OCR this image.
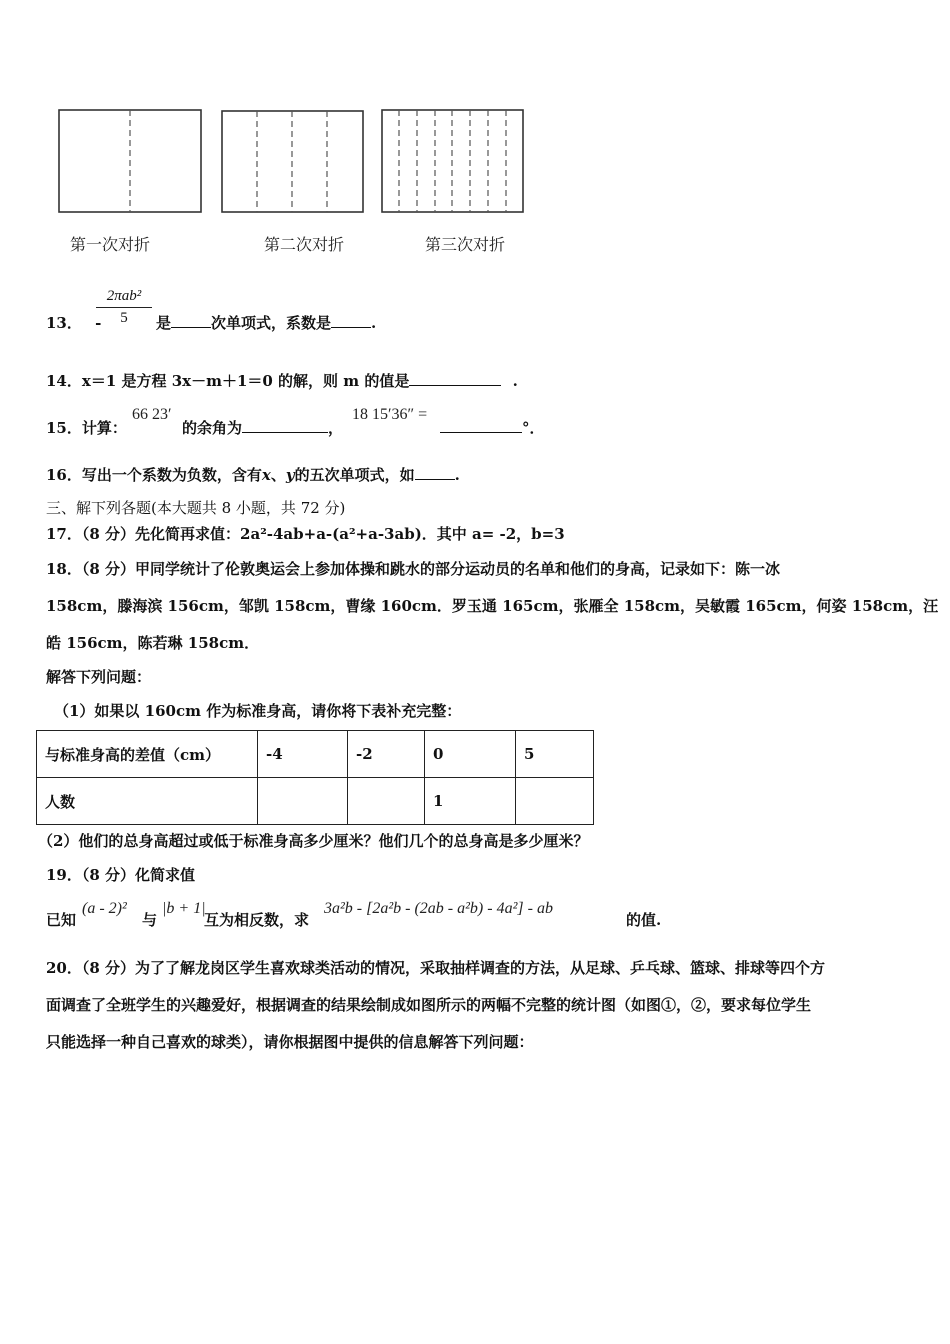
第一次对折	第二次对折	第三次对折
13． -
2πab²
5	是	次单项式，系数是	.
14．x＝1 是方程 3x－m＋1＝0 的解，则 m 的值是	.
15．计算：
66 23′
的余角为	，
18 15′36″ =
°．
16．写出一个系数为负数，含有x、y的五次单项式，如	.
三、解下列各题(本大题共 8 小题，共 72 分)
17．（8 分）先化简再求值：2a²-4ab+a-(a²+a-3ab)．其中 a= -2，b=3
18．（8 分）甲同学统计了伦敦奥运会上参加体操和跳水的部分运动员的名单和他们的身高，记录如下：陈一冰
158cm，滕海滨 156cm，邹凯 158cm，曹缘 160cm．罗玉通 165cm，张雁全 158cm，吴敏霞 165cm，何姿 158cm，汪
皓 156cm，陈若琳 158cm．
解答下列问题：
（1）如果以 160cm 作为标准身高，请你将下表补充完整：
与标准身高的差值（cm）	-4	-2	0	5
人数			1	
（2）他们的总身高超过或低于标准身高多少厘米？他们几个的总身高是多少厘米？
19．（8 分）化简求值
已知
(a - 2)²
与
|b + 1|
互为相反数，求
3a²b - [2a²b - (2ab - a²b) - 4a²] - ab
的值.
20．（8 分）为了了解龙岗区学生喜欢球类活动的情况，采取抽样调查的方法，从足球、乒乓球、篮球、排球等四个方
面调查了全班学生的兴趣爱好，根据调查的结果绘制成如图所示的两幅不完整的统计图（如图①，②，要求每位学生
只能选择一种自己喜欢的球类），请你根据图中提供的信息解答下列问题：
